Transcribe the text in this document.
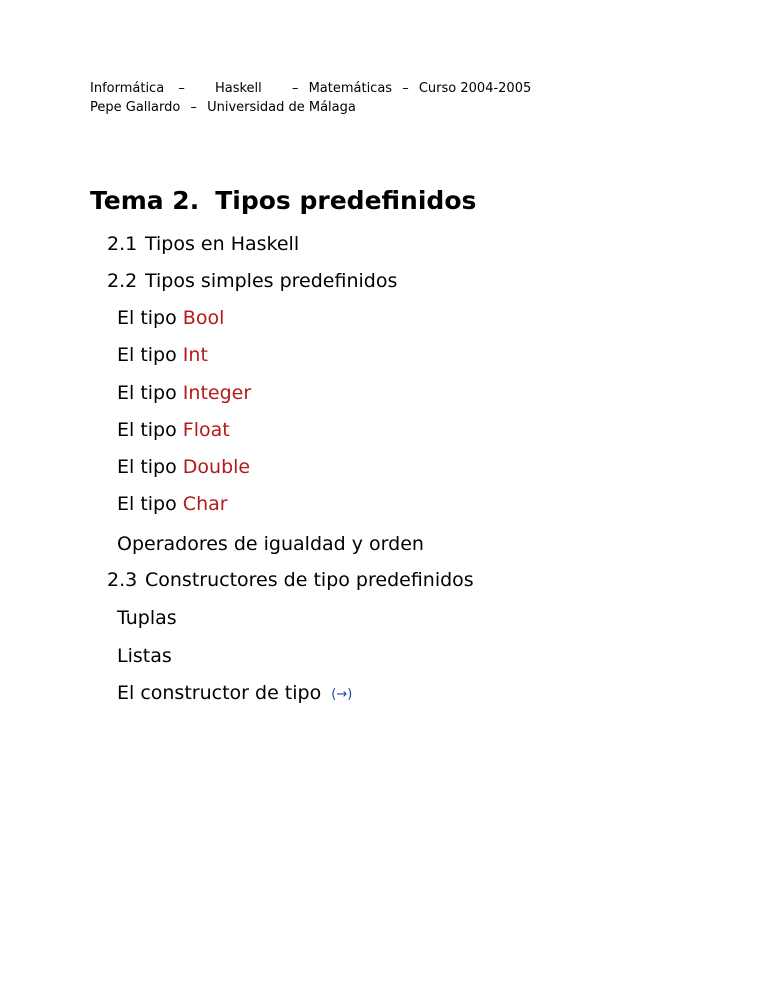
Informática – Haskell – Matemáticas – Curso 2004-2005
Pepe Gallardo – Universidad de Málaga
Tema 2. Tipos predefinidos
2.1 Tipos en Haskell
2.2 Tipos simples predefinidos
El tipo Bool
El tipo Int
El tipo Integer
El tipo Float
El tipo Double
El tipo Char
Operadores de igualdad y orden
2.3 Constructores de tipo predefinidos
Tuplas
Listas
El constructor de tipo (→)
